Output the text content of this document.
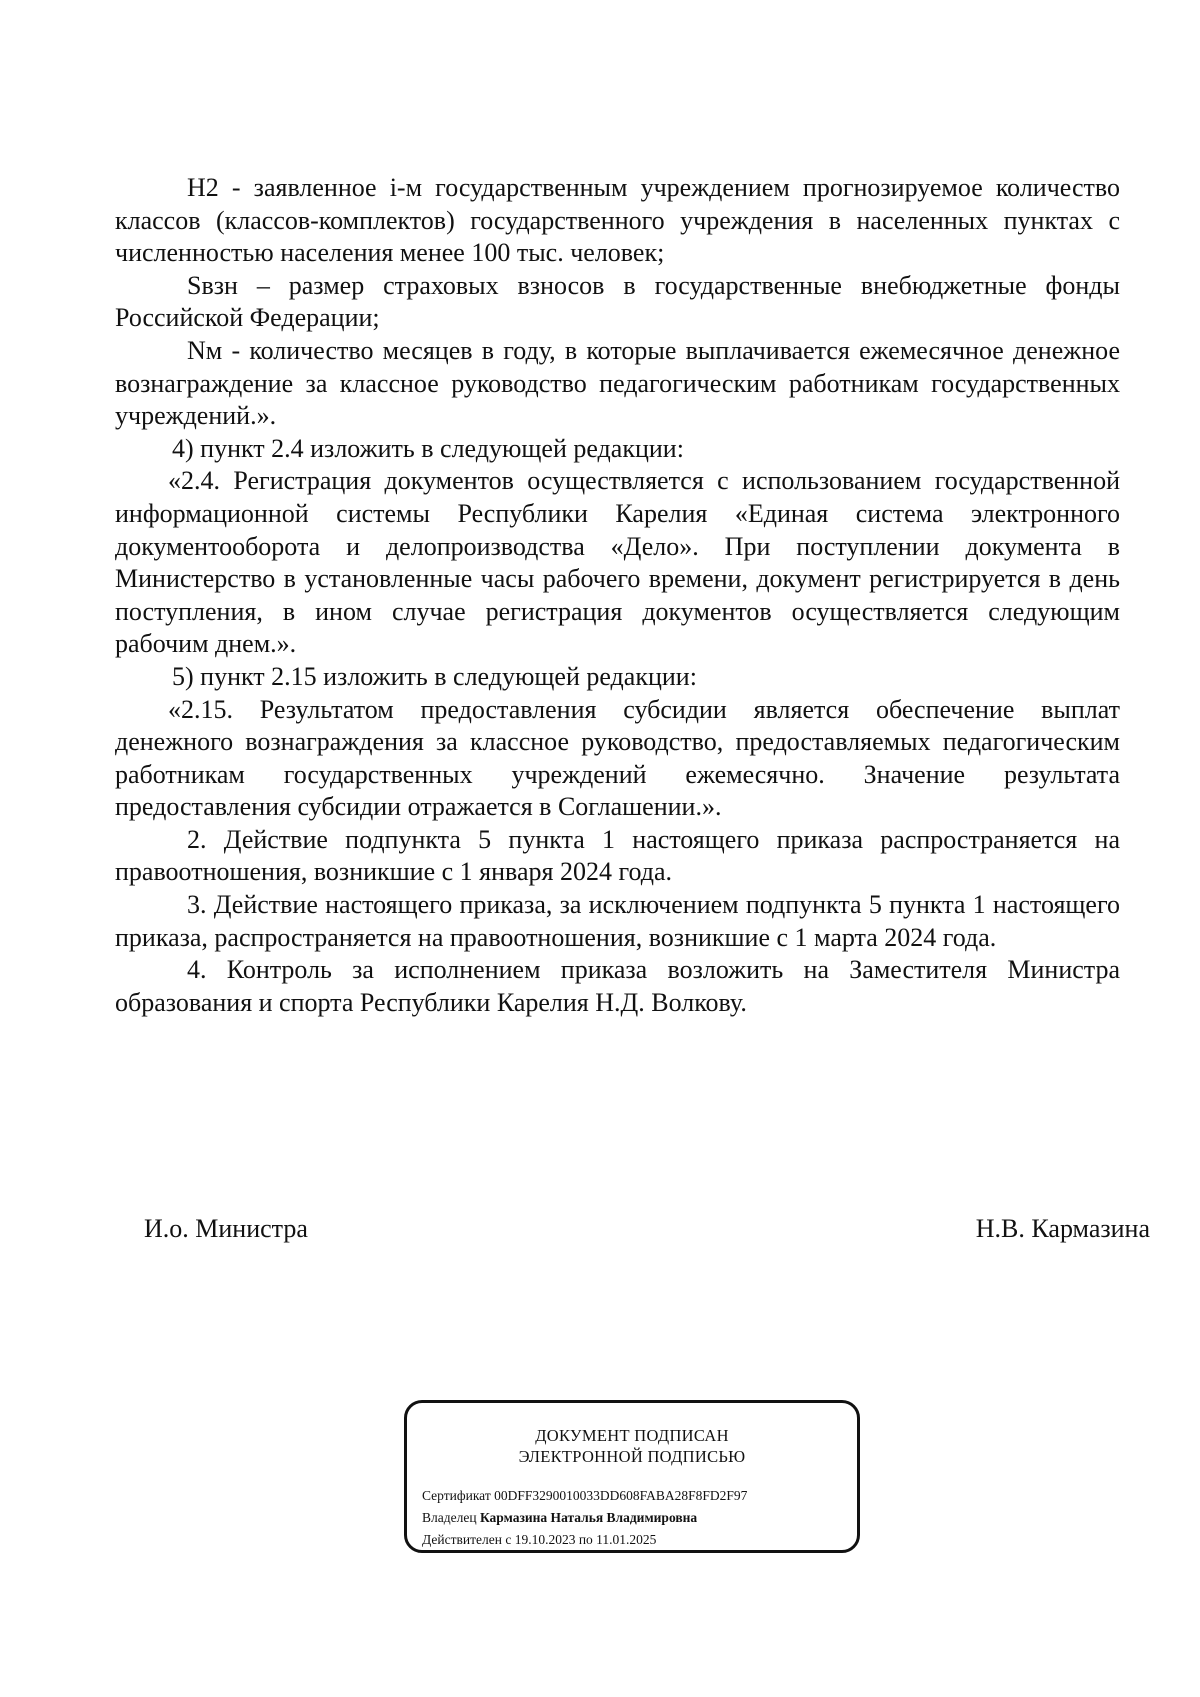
Н2 - заявленное i-м государственным учреждением прогнозируемое количество классов (классов-комплектов) государственного учреждения в населенных пунктах с численностью населения менее 100 тыс. человек;

Sвзн – размер страховых взносов в государственные внебюджетные фонды Российской Федерации;

Nм - количество месяцев в году, в которые выплачивается ежемесячное денежное вознаграждение за классное руководство педагогическим работникам государственных учреждений.».

4) пункт 2.4 изложить в следующей редакции:

«2.4. Регистрация документов осуществляется с использованием государственной информационной системы Республики Карелия «Единая система электронного документооборота и делопроизводства «Дело». При поступлении документа в Министерство в установленные часы рабочего времени, документ регистрируется в день поступления, в ином случае регистрация документов осуществляется следующим рабочим днем.».

5) пункт 2.15 изложить в следующей редакции:

«2.15. Результатом предоставления субсидии является обеспечение выплат денежного вознаграждения за классное руководство, предоставляемых педагогическим работникам государственных учреждений ежемесячно. Значение результата предоставления субсидии отражается в Соглашении.».

2. Действие подпункта 5 пункта 1 настоящего приказа распространяется на правоотношения, возникшие с 1 января 2024 года.

3. Действие настоящего приказа, за исключением подпункта 5 пункта 1 настоящего приказа, распространяется на правоотношения, возникшие с 1 марта 2024 года.

4. Контроль за исполнением приказа возложить на Заместителя Министра образования и спорта Республики Карелия Н.Д. Волкову.

И.о. Министра	Н.В. Кармазина
ДОКУМЕНТ ПОДПИСАН
ЭЛЕКТРОННОЙ ПОДПИСЬЮ
Сертификат 00DFF3290010033DD608FABA28F8FD2F97
Владелец Кармазина Наталья Владимировна
Действителен с 19.10.2023 по 11.01.2025
